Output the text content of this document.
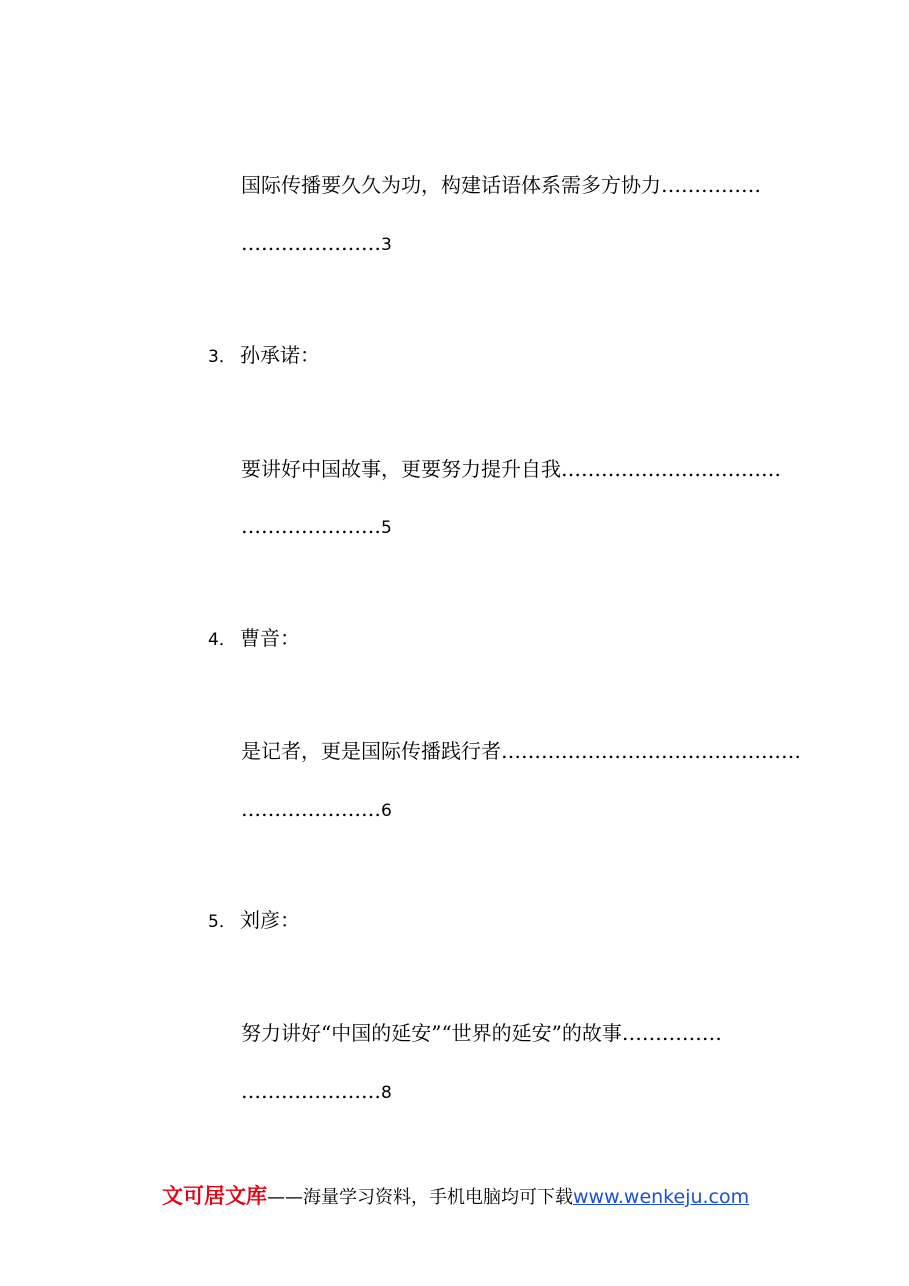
国际传播要久久为功，构建话语体系需多方协力……………
…………………3
3． 孙承诺：
要讲好中国故事，更要努力提升自我……………………………
…………………5
4． 曹音：
是记者，更是国际传播践行者………………………………………
…………………6
5． 刘彦：
努力讲好“中国的延安”“世界的延安”的故事……………
…………………8
文可居文库——海量学习资料，手机电脑均可下载www.wenkeju.com
